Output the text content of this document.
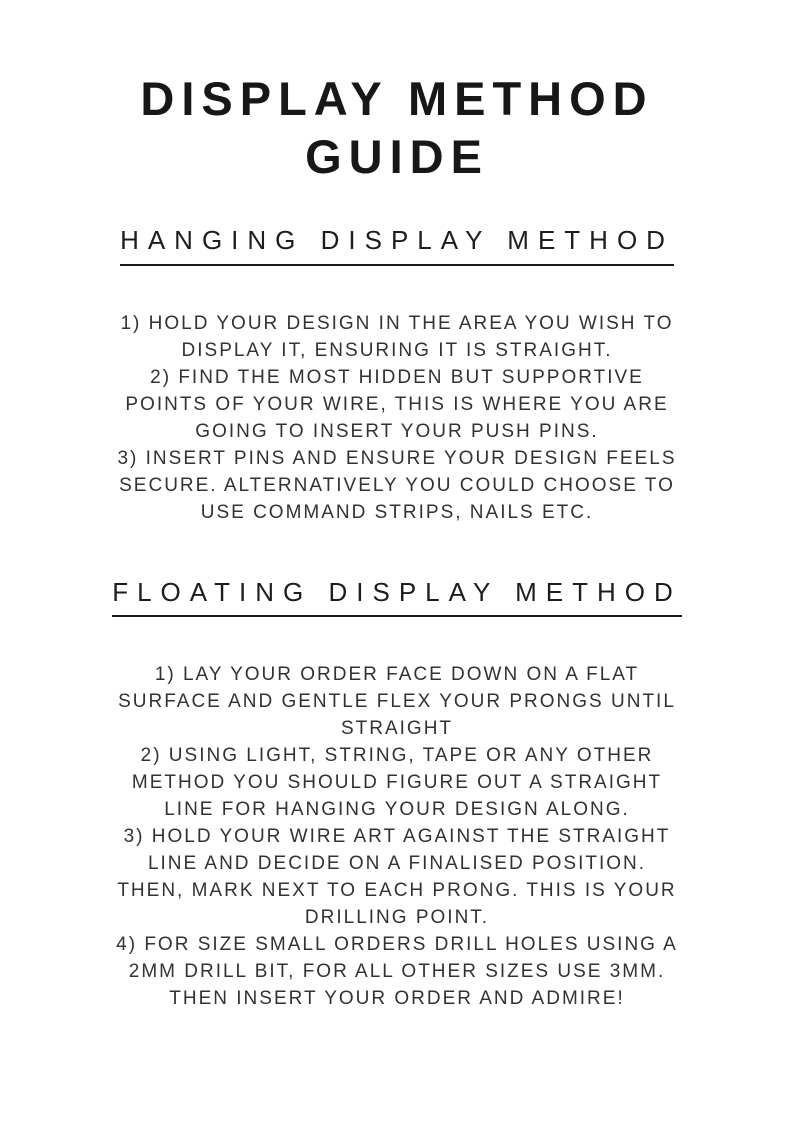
DISPLAY METHOD GUIDE
HANGING DISPLAY METHOD

1) HOLD YOUR DESIGN IN THE AREA YOU WISH TO DISPLAY IT, ENSURING IT IS STRAIGHT.

2) FIND THE MOST HIDDEN BUT SUPPORTIVE POINTS OF YOUR WIRE, THIS IS WHERE YOU ARE GOING TO INSERT YOUR PUSH PINS.

3) INSERT PINS AND ENSURE YOUR DESIGN FEELS SECURE. ALTERNATIVELY YOU COULD CHOOSE TO USE COMMAND STRIPS, NAILS ETC.

FLOATING DISPLAY METHOD

1) LAY YOUR ORDER FACE DOWN ON A FLAT SURFACE AND GENTLE FLEX YOUR PRONGS UNTIL STRAIGHT

2) USING LIGHT, STRING, TAPE OR ANY OTHER METHOD YOU SHOULD FIGURE OUT A STRAIGHT LINE FOR HANGING YOUR DESIGN ALONG.

3) HOLD YOUR WIRE ART AGAINST THE STRAIGHT LINE AND DECIDE ON A FINALISED POSITION. THEN, MARK NEXT TO EACH PRONG. THIS IS YOUR DRILLING POINT.

4) FOR SIZE SMALL ORDERS DRILL HOLES USING A 2MM DRILL BIT, FOR ALL OTHER SIZES USE 3MM. THEN INSERT YOUR ORDER AND ADMIRE!
